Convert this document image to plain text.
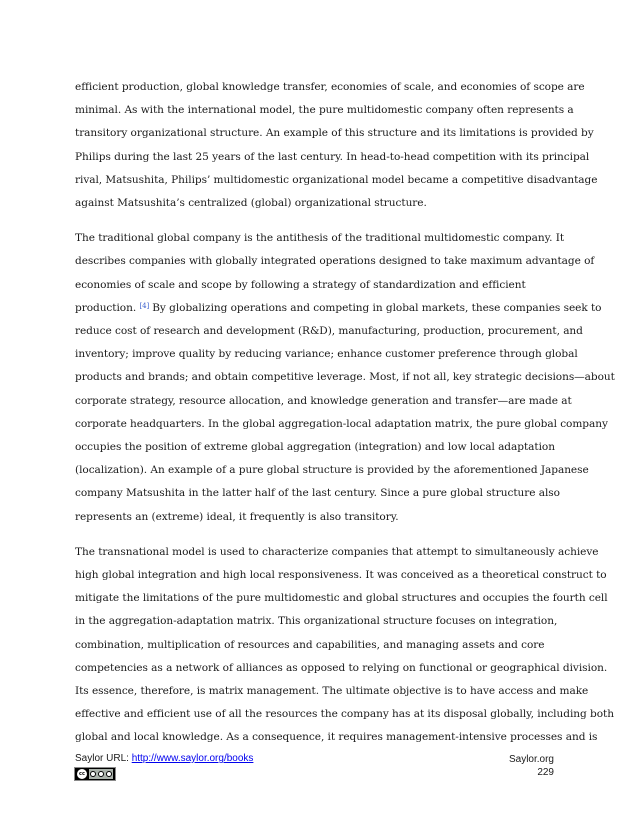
efficient production, global knowledge transfer, economies of scale, and economies of scope are
minimal. As with the international model, the pure multidomestic company often represents a
transitory organizational structure. An example of this structure and its limitations is provided by
Philips during the last 25 years of the last century. In head-to-head competition with its principal
rival, Matsushita, Philips’ multidomestic organizational model became a competitive disadvantage
against Matsushita’s centralized (global) organizational structure.

The traditional global company is the antithesis of the traditional multidomestic company. It
describes companies with globally integrated operations designed to take maximum advantage of
economies of scale and scope by following a strategy of standardization and efficient
production. [4] By globalizing operations and competing in global markets, these companies seek to
reduce cost of research and development (R&D), manufacturing, production, procurement, and
inventory; improve quality by reducing variance; enhance customer preference through global
products and brands; and obtain competitive leverage. Most, if not all, key strategic decisions—about
corporate strategy, resource allocation, and knowledge generation and transfer—are made at
corporate headquarters. In the global aggregation-local adaptation matrix, the pure global company
occupies the position of extreme global aggregation (integration) and low local adaptation
(localization). An example of a pure global structure is provided by the aforementioned Japanese
company Matsushita in the latter half of the last century. Since a pure global structure also
represents an (extreme) ideal, it frequently is also transitory.

The transnational model is used to characterize companies that attempt to simultaneously achieve
high global integration and high local responsiveness. It was conceived as a theoretical construct to
mitigate the limitations of the pure multidomestic and global structures and occupies the fourth cell
in the aggregation-adaptation matrix. This organizational structure focuses on integration,
combination, multiplication of resources and capabilities, and managing assets and core
competencies as a network of alliances as opposed to relying on functional or geographical division.
Its essence, therefore, is matrix management. The ultimate objective is to have access and make
effective and efficient use of all the resources the company has at its disposal globally, including both
global and local knowledge. As a consequence, it requires management-intensive processes and is

Saylor URL: http://www.saylor.org/books
cc
Saylor.org
229
